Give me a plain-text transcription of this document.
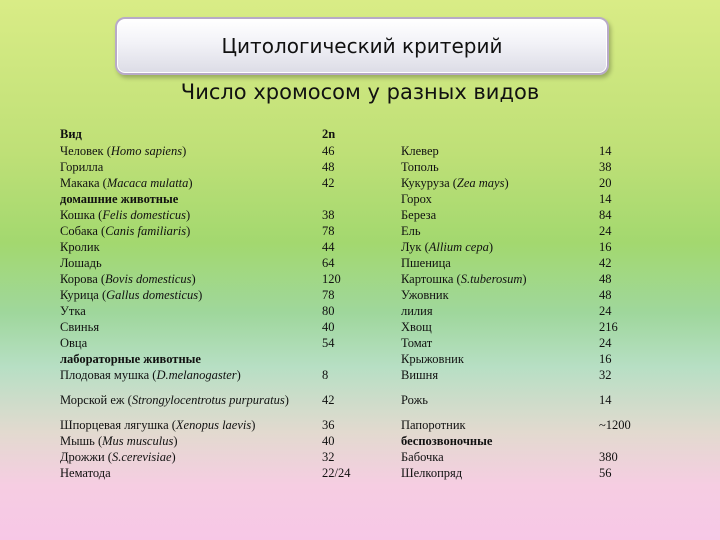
Цитологический критерий
Число хромосом у разных видов
Вид	2n
Человек (Homo sapiens)	46
Горилла	48
Макака (Macaca mulatta)	42
домашние животные
Кошка (Felis domesticus)	38
Собака (Canis familiaris)	78
Кролик	44
Лошадь	64
Корова (Bovis domesticus)	120
Курица (Gallus domesticus)	78
Утка	80
Свинья	40
Овца	54
лабораторные животные
Плодовая мушка (D.melanogaster)	8
Морской еж (Strongylocentrotus purpuratus)	42
Шпорцевая лягушка (Xenopus laevis)	36
Мышь (Mus musculus)	40
Дрожжи (S.cerevisiae)	32
Нематода	22/24
Клевер	14
Тополь	38
Кукуруза (Zea mays)	20
Горох	14
Береза	84
Ель	24
Лук (Allium cepa)	16
Пшеница	42
Картошка (S.tuberosum)	48
Ужовник	48
лилия	24
Хвощ	216
Томат	24
Крыжовник	16
Вишня	32
Рожь	14
Папоротник	~1200
беспозвоночные
Бабочка	380
Шелкопряд	56
